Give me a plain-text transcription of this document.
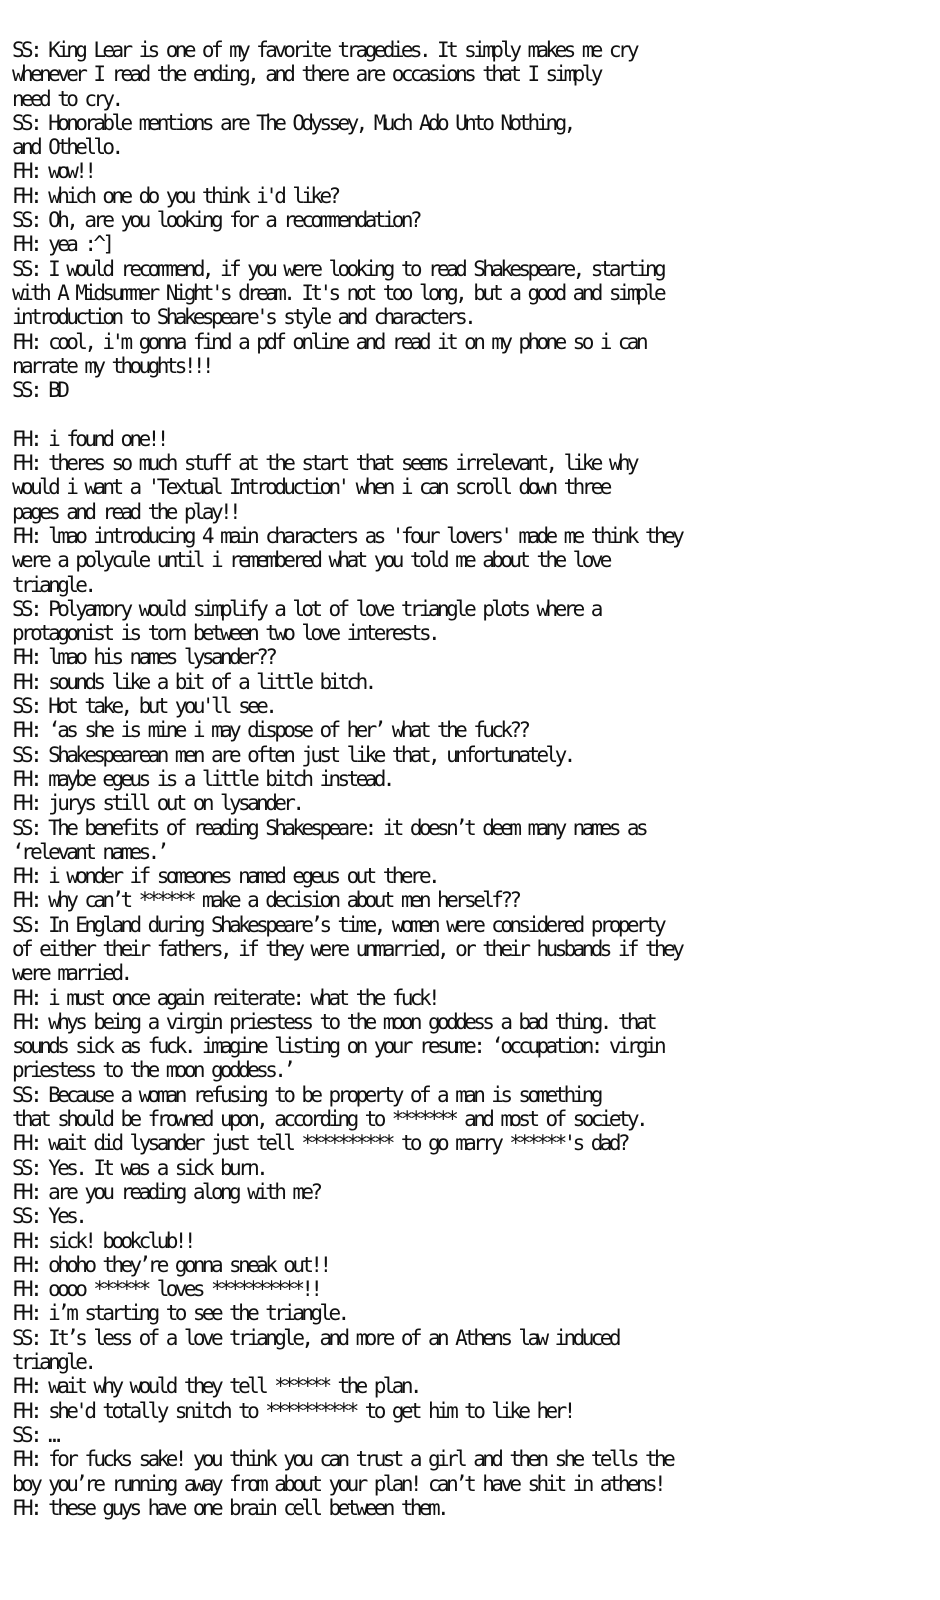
SS: King Lear is one of my favorite tragedies. It simply makes me cry
whenever I read the ending, and there are occasions that I simply
need to cry.
SS: Honorable mentions are The Odyssey, Much Ado Unto Nothing,
and Othello.
FH: wow!!
FH: which one do you think i'd like?
SS: Oh, are you looking for a recommendation?
FH: yea :^]
SS: I would recommend, if you were looking to read Shakespeare, starting
with A Midsummer Night's dream. It's not too long, but a good and simple
introduction to Shakespeare's style and characters.
FH: cool, i'm gonna find a pdf online and read it on my phone so i can
narrate my thoughts!!!
SS: BD
FH: i found one!!
FH: theres so much stuff at the start that seems irrelevant, like why
would i want a 'Textual Introduction' when i can scroll down three
pages and read the play!!
FH: lmao introducing 4 main characters as 'four lovers' made me think they
were a polycule until i remembered what you told me about the love
triangle.
SS: Polyamory would simplify a lot of love triangle plots where a
protagonist is torn between two love interests.
FH: lmao his names lysander??
FH: sounds like a bit of a little bitch.
SS: Hot take, but you'll see.
FH: ‘as she is mine i may dispose of her’ what the fuck??
SS: Shakespearean men are often just like that, unfortunately.
FH: maybe egeus is a little bitch instead.
FH: jurys still out on lysander.
SS: The benefits of reading Shakespeare: it doesn’t deem many names as
‘relevant names.’
FH: i wonder if someones named egeus out there.
FH: why can’t ****** make a decision about men herself??
SS: In England during Shakespeare’s time, women were considered property
of either their fathers, if they were unmarried, or their husbands if they
were married.
FH: i must once again reiterate: what the fuck!
FH: whys being a virgin priestess to the moon goddess a bad thing. that
sounds sick as fuck. imagine listing on your resume: ‘occupation: virgin
priestess to the moon goddess.’
SS: Because a woman refusing to be property of a man is something
that should be frowned upon, according to ******* and most of society.
FH: wait did lysander just tell ********** to go marry ******'s dad?
SS: Yes. It was a sick burn.
FH: are you reading along with me?
SS: Yes.
FH: sick! bookclub!!
FH: ohoho they’re gonna sneak out!!
FH: oooo ****** loves **********!!
FH: i’m starting to see the triangle.
SS: It’s less of a love triangle, and more of an Athens law induced
triangle.
FH: wait why would they tell ****** the plan.
FH: she'd totally snitch to ********** to get him to like her!
SS: …
FH: for fucks sake! you think you can trust a girl and then she tells the
boy you’re running away from about your plan! can’t have shit in athens!
FH: these guys have one brain cell between them.
